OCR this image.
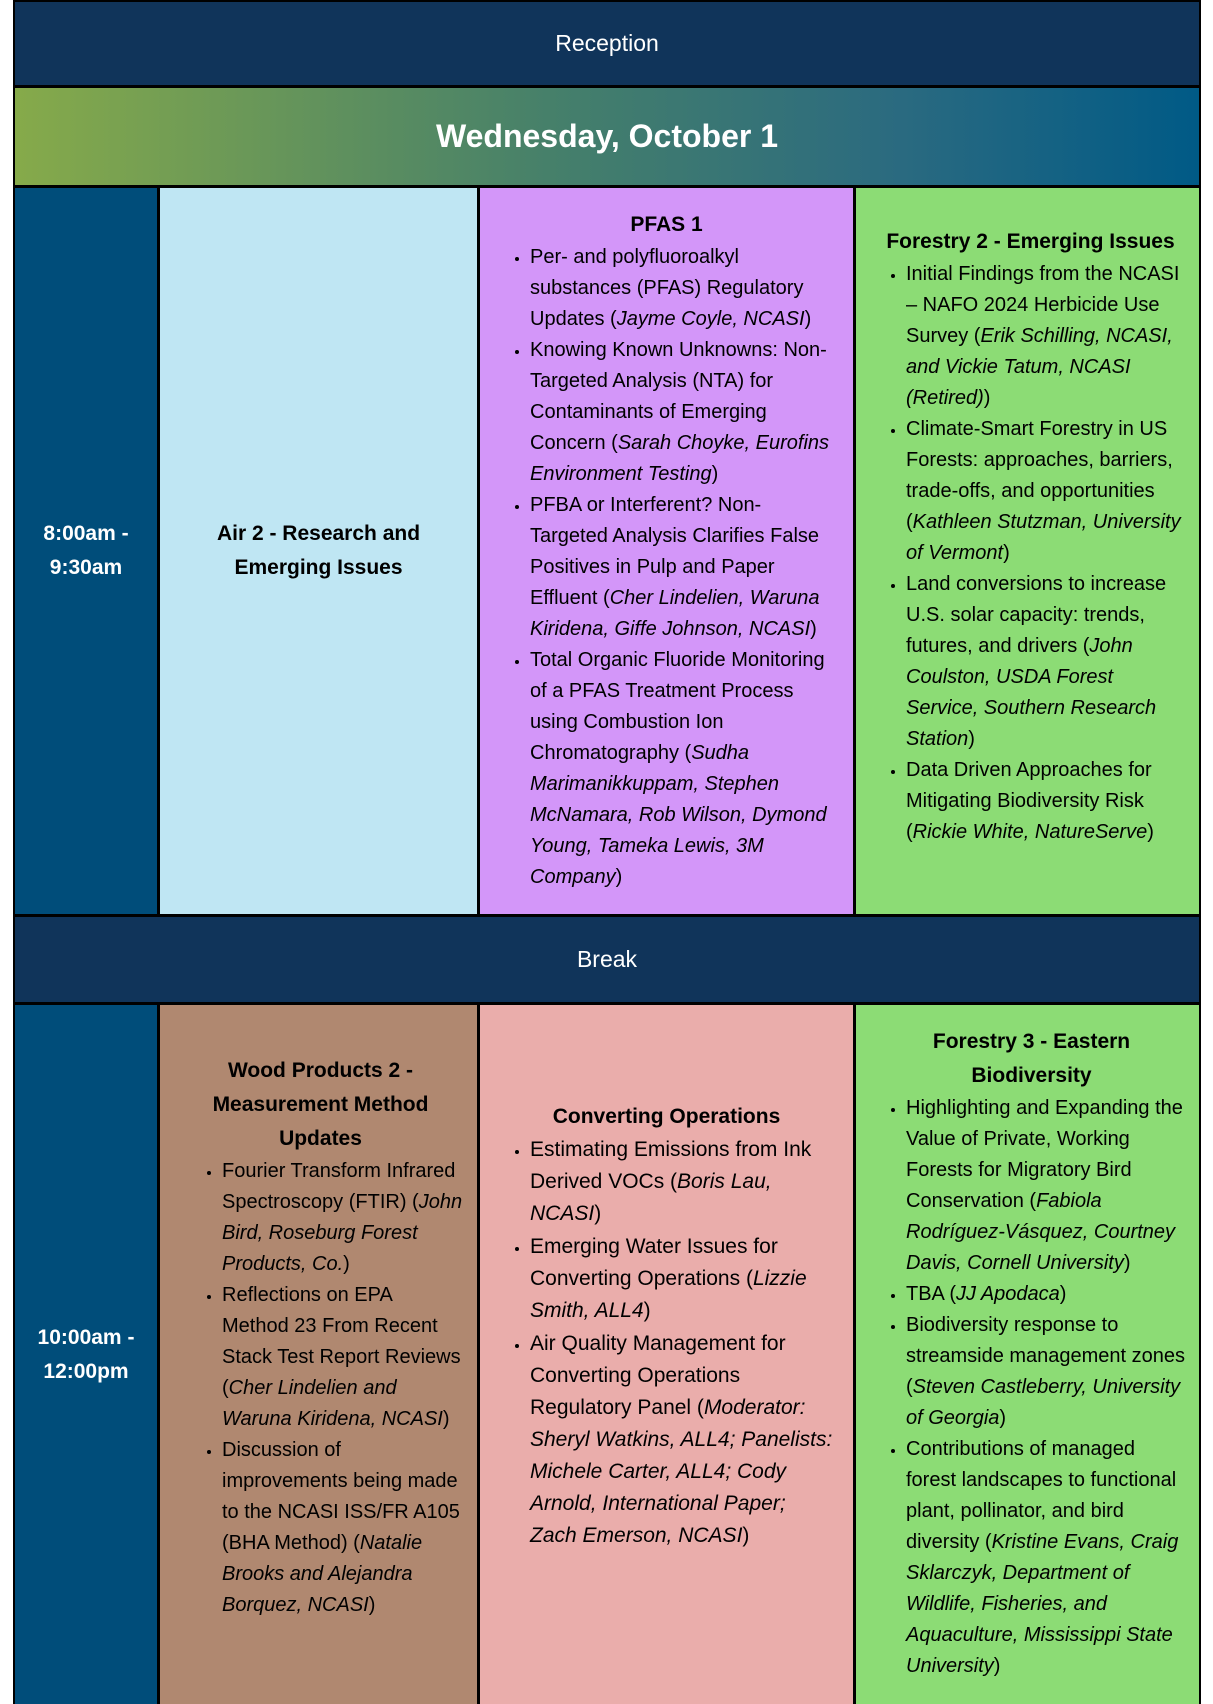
Reception
Wednesday, October 1
8:00am - 9:30am
Air 2 - Research and Emerging Issues
PFAS 1
• Per- and polyfluoroalkyl substances (PFAS) Regulatory Updates (Jayme Coyle, NCASI)
• Knowing Known Unknowns: Non-Targeted Analysis (NTA) for Contaminants of Emerging Concern (Sarah Choyke, Eurofins Environment Testing)
• PFBA or Interferent? Non-Targeted Analysis Clarifies False Positives in Pulp and Paper Effluent (Cher Lindelien, Waruna Kiridena, Giffe Johnson, NCASI)
• Total Organic Fluoride Monitoring of a PFAS Treatment Process using Combustion Ion Chromatography (Sudha Marimanikkuppam, Stephen McNamara, Rob Wilson, Dymond Young, Tameka Lewis, 3M Company)
Forestry 2 - Emerging Issues
• Initial Findings from the NCASI – NAFO 2024 Herbicide Use Survey (Erik Schilling, NCASI, and Vickie Tatum, NCASI (Retired))
• Climate-Smart Forestry in US Forests: approaches, barriers, trade-offs, and opportunities (Kathleen Stutzman, University of Vermont)
• Land conversions to increase U.S. solar capacity: trends, futures, and drivers (John Coulston, USDA Forest Service, Southern Research Station)
• Data Driven Approaches for Mitigating Biodiversity Risk (Rickie White, NatureServe)
Break
10:00am - 12:00pm
Wood Products 2 - Measurement Method Updates
• Fourier Transform Infrared Spectroscopy (FTIR) (John Bird, Roseburg Forest Products, Co.)
• Reflections on EPA Method 23 From Recent Stack Test Report Reviews (Cher Lindelien and Waruna Kiridena, NCASI)
• Discussion of improvements being made to the NCASI ISS/FR A105 (BHA Method) (Natalie Brooks and Alejandra Borquez, NCASI)
Converting Operations
• Estimating Emissions from Ink Derived VOCs (Boris Lau, NCASI)
• Emerging Water Issues for Converting Operations (Lizzie Smith, ALL4)
• Air Quality Management for Converting Operations Regulatory Panel (Moderator: Sheryl Watkins, ALL4; Panelists: Michele Carter, ALL4; Cody Arnold, International Paper; Zach Emerson, NCASI)
Forestry 3 - Eastern Biodiversity
• Highlighting and Expanding the Value of Private, Working Forests for Migratory Bird Conservation (Fabiola Rodríguez-Vásquez, Courtney Davis, Cornell University)
• TBA (JJ Apodaca)
• Biodiversity response to streamside management zones (Steven Castleberry, University of Georgia)
• Contributions of managed forest landscapes to functional plant, pollinator, and bird diversity (Kristine Evans, Craig Sklarczyk, Department of Wildlife, Fisheries, and Aquaculture, Mississippi State University)
